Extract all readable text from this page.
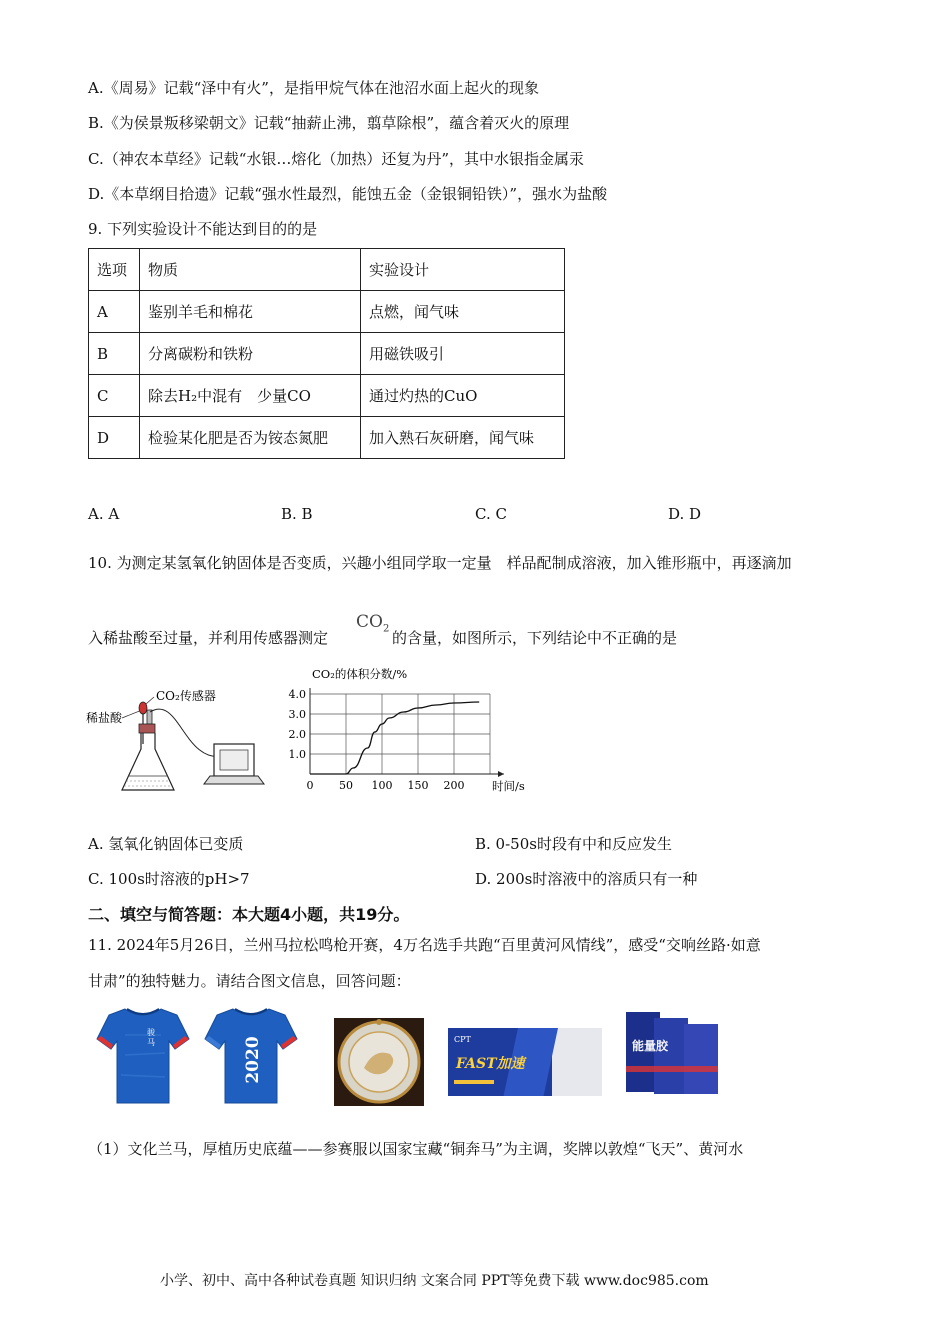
A.《周易》记载“泽中有火”，是指甲烷气体在池沼水面上起火的现象
B.《为侯景叛移梁朝文》记载“抽薪止沸，翦草除根”，蕴含着灭火的原理
C.（神农本草经》记载“水银…熔化（加热）还复为丹”，其中水银指金属汞
D.《本草纲目拾遗》记载“强水性最烈，能蚀五金（金银铜铅铁）”，强水为盐酸
9. 下列实验设计不能达到目的的是
选项	物质	实验设计
A	鉴别羊毛和棉花	点燃，闻气味
B	分离碳粉和铁粉	用磁铁吸引
C	除去H₂中混有　少量CO	通过灼热的CuO
D	检验某化肥是否为铵态氮肥	加入熟石灰研磨，闻气味
A. A	B. B	C. C	D. D
10. 为测定某氢氧化钠固体是否变质，兴趣小组同学取一定量　样品配制成溶液，加入锥形瓶中，再逐滴加
入稀盐酸至过量，并利用传感器测定
$CO_2$
的含量，如图所示，下列结论中不正确的是
稀盐酸
CO₂传感器
CO₂的体积分数/%
时间/s
0 50 100 150 200
1.0
2.0
3.0
4.0
A. 氢氧化钠固体已变质	B. 0-50s时段有中和反应发生
C. 100s时溶液的pH>7	D. 200s时溶液中的溶质只有一种
二、填空与简答题：本大题4小题，共19分。
11. 2024年5月26日，兰州马拉松鸣枪开赛，4万名选手共跑“百里黄河风情线”，感受“交响丝路·如意
甘肃”的独特魅力。请结合图文信息，回答问题：
骏
马	2020	CPT
FAST加速
能量胶
（1）文化兰马，厚植历史底蕴——参赛服以国家宝藏“铜奔马”为主调，奖牌以敦煌“飞天”、黄河水
小学、初中、高中各种试卷真题 知识归纳 文案合同 PPT等免费下载 www.doc985.com
